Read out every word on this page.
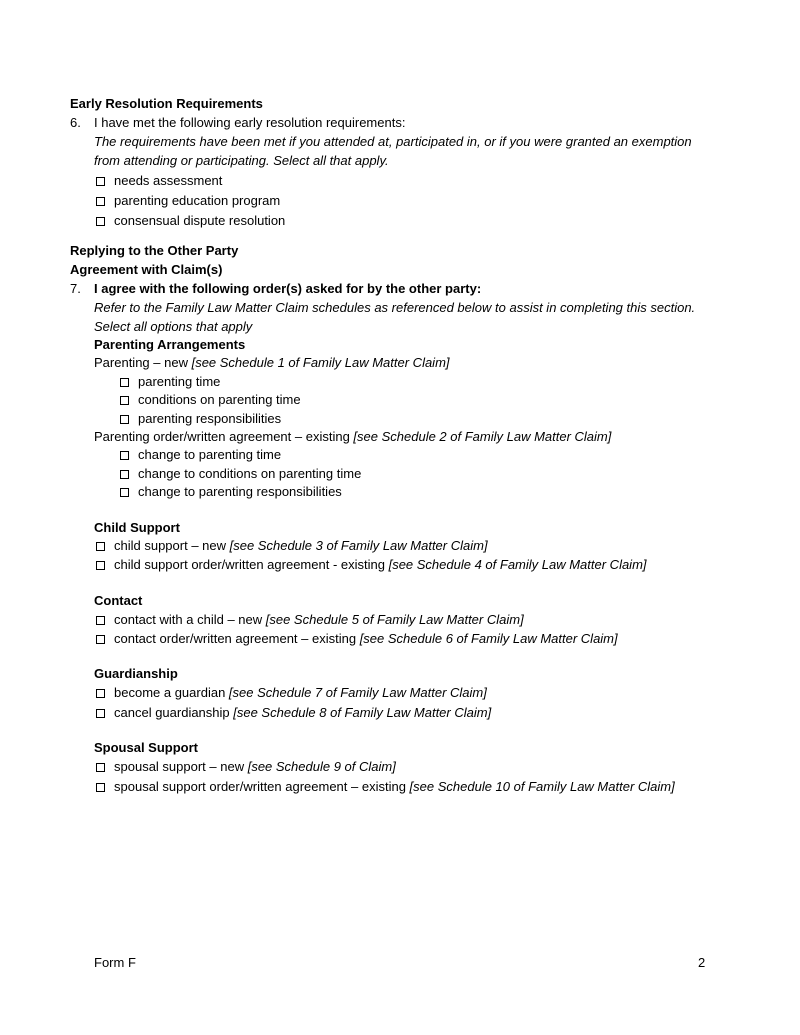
Early Resolution Requirements
6. I have met the following early resolution requirements:
The requirements have been met if you attended at, participated in, or if you were granted an exemption
from attending or participating. Select all that apply.
needs assessment
parenting education program
consensual dispute resolution
Replying to the Other Party
Agreement with Claim(s)
7. I agree with the following order(s) asked for by the other party:
Refer to the Family Law Matter Claim schedules as referenced below to assist in completing this section.
Select all options that apply
Parenting Arrangements
Parenting – new [see Schedule 1 of Family Law Matter Claim]
parenting time
conditions on parenting time
parenting responsibilities
Parenting order/written agreement – existing [see Schedule 2 of Family Law Matter Claim]
change to parenting time
change to conditions on parenting time
change to parenting responsibilities
Child Support
child support – new [see Schedule 3 of Family Law Matter Claim]
child support order/written agreement - existing [see Schedule 4 of Family Law Matter Claim]
Contact
contact with a child – new [see Schedule 5 of Family Law Matter Claim]
contact order/written agreement – existing [see Schedule 6 of Family Law Matter Claim]
Guardianship
become a guardian [see Schedule 7 of Family Law Matter Claim]
cancel guardianship [see Schedule 8 of Family Law Matter Claim]
Spousal Support
spousal support – new [see Schedule 9 of Claim]
spousal support order/written agreement – existing [see Schedule 10 of Family Law Matter Claim]
Form F	2
